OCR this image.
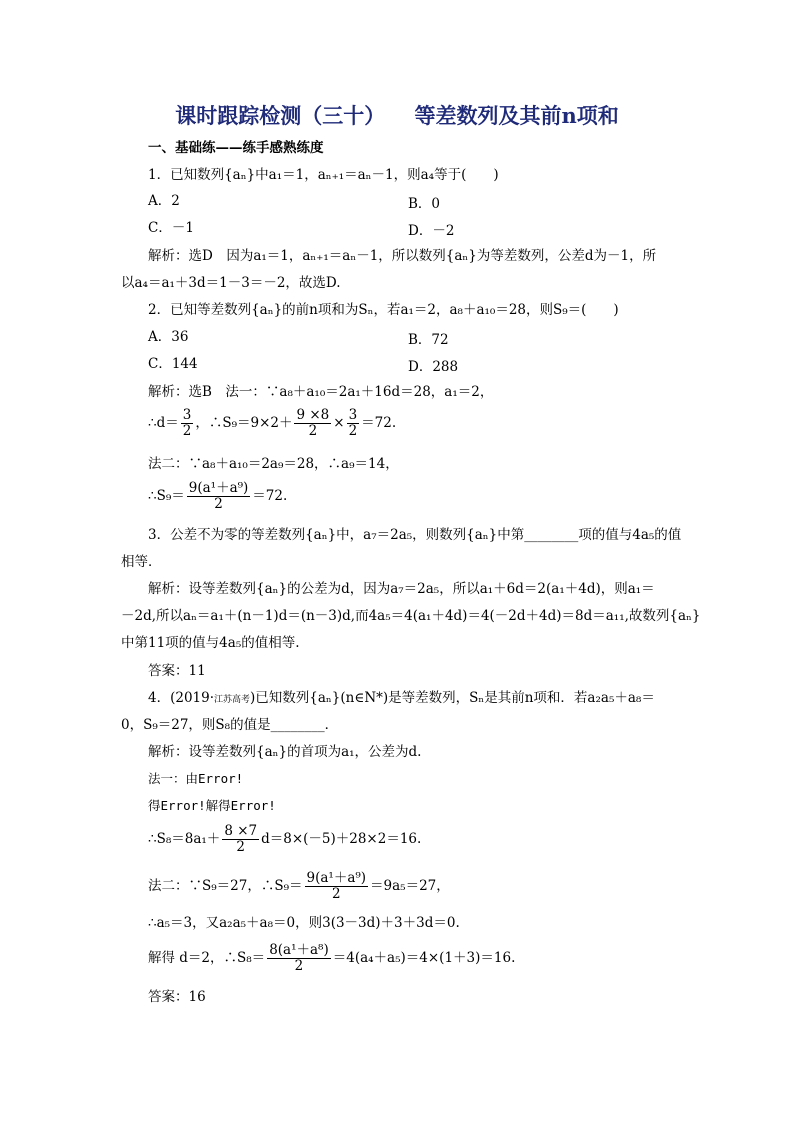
课时跟踪检测（三十）    等差数列及其前n项和
一、基础练——练手感熟练度
1．已知数列{aₙ}中a₁＝1，aₙ₊₁＝aₙ－1，则a₄等于(　　)
A．2	B．0
C．－1	D．－2
解析：选D　因为a₁＝1，aₙ₊₁＝aₙ－1，所以数列{aₙ}为等差数列，公差d为－1，所
以a₄＝a₁＋3d＝1－3＝－2，故选D.
2．已知等差数列{aₙ}的前n项和为Sₙ，若a₁＝2，a₈＋a₁₀＝28，则S₉＝(　　)
A．36	B．72
C．144	D．288
解析：选B　法一：∵a₈＋a₁₀＝2a₁＋16d＝28，a₁＝2，
∴d＝ $\frac{3}{2}$ ，∴S₉＝9×2＋ $\frac{9 \times 8}{2} \times \frac{3}{2} =72$.
法二：∵a₈＋a₁₀＝2a₉＝28，∴a₉＝14，
∴S₉＝ $\frac{\text{9(a¹＋a⁹)}}{2} =72$.
3．公差不为零的等差数列{aₙ}中，a₇＝2a₅，则数列{aₙ}中第________项的值与4a₅的值
相等．
解析：设等差数列{aₙ}的公差为d，因为a₇＝2a₅，所以a₁＋6d＝2(a₁＋4d)，则a₁＝
－2d,所以aₙ＝a₁＋(n－1)d＝(n－3)d,而4a₅＝4(a₁＋4d)＝4(－2d＋4d)＝8d＝a₁₁,故数列{aₙ}
中第11项的值与4a₅的值相等.
答案：11
4．(2019·江苏高考)已知数列{aₙ}(n∈N*)是等差数列，Sₙ是其前n项和．若a₂a₅＋a₈＝
0，S₉＝27，则S₈的值是________．
解析：设等差数列{aₙ}的首项为a₁，公差为d.
法一：由Error!
得Error!解得Error!
∴S₈＝8a₁＋ $\frac{8 \times 7}{2} d=8\times(-5)+28\times 2=16$.
法二：∵S₉＝27，∴S₉＝ $\frac{\text{9(a¹＋a⁹)}}{2} =9a_5=27$，
∴a₅＝3，又a₂a₅＋a₈＝0，则3(3－3d)＋3＋3d＝0.
解得 d＝2，∴S₈＝ $\frac{\text{8(a¹＋a⁸)}}{2} =4(a_4+a_5)=4\times(1+3)=16$.
答案：16
